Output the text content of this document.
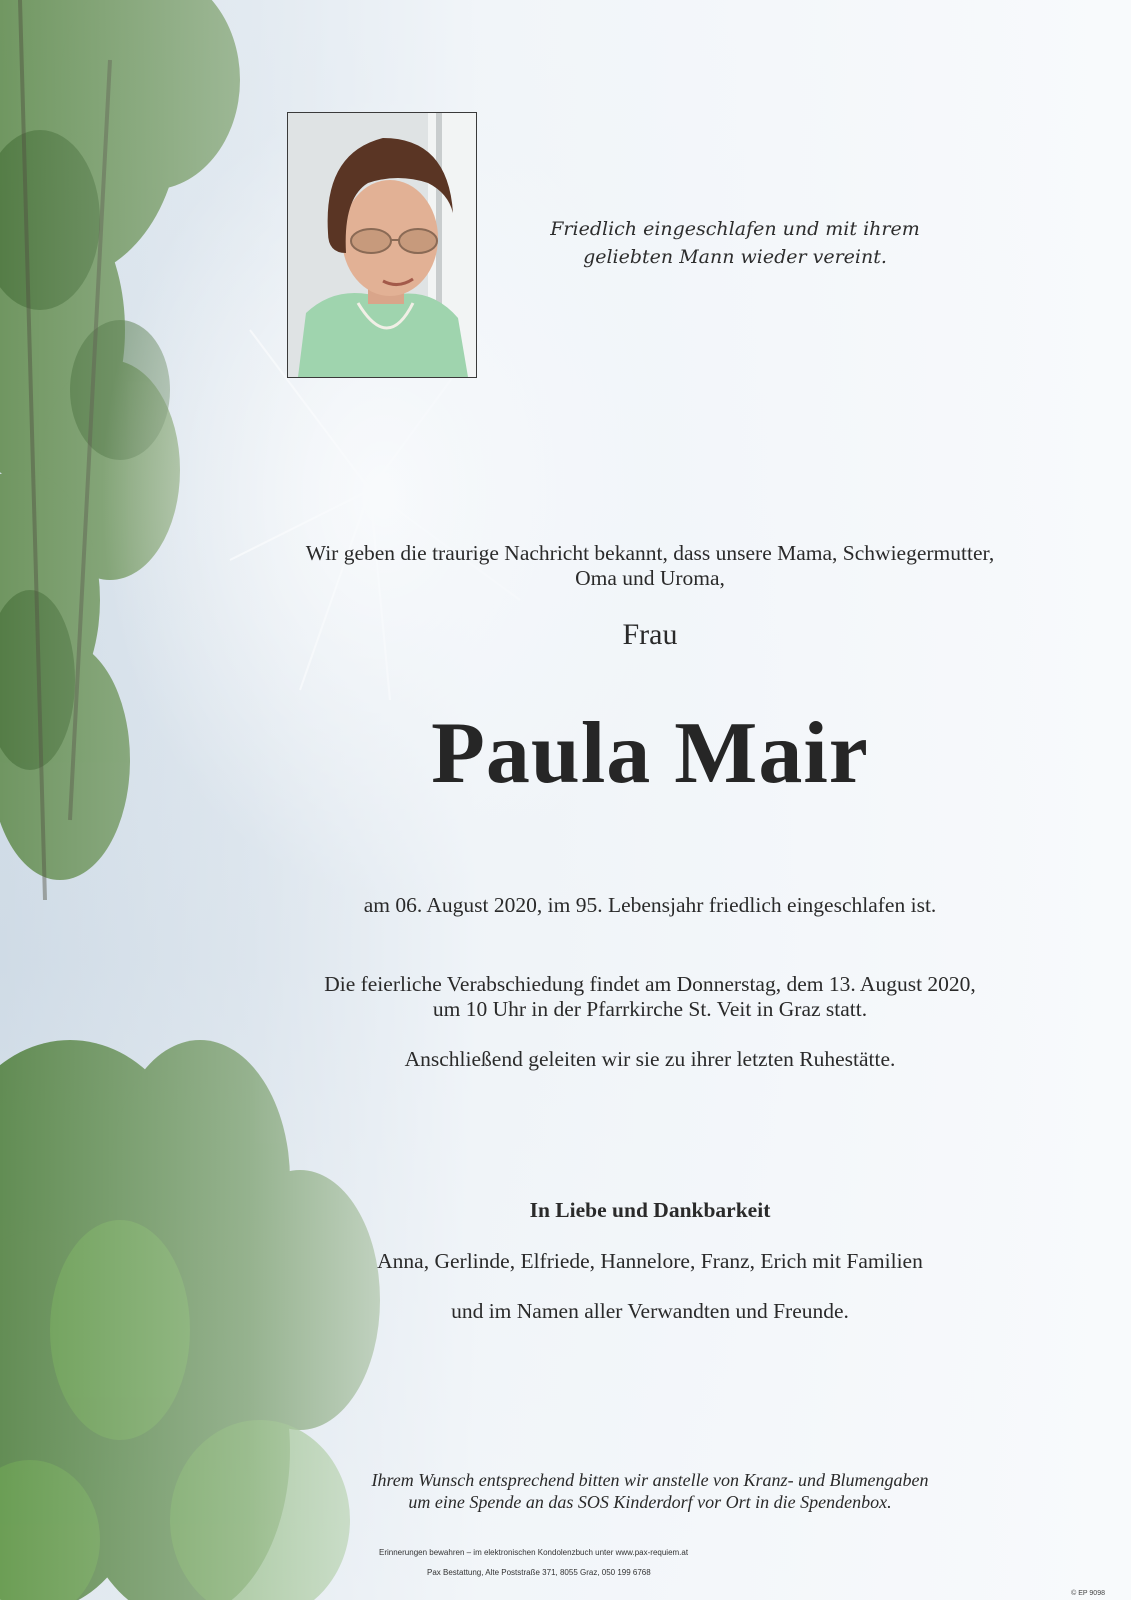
Friedlich eingeschlafen und mit ihrem
geliebten Mann wieder vereint.
Wir geben die traurige Nachricht bekannt, dass unsere Mama, Schwiegermutter,
Oma und Uroma,
Frau
Paula Mair
am 06. August 2020, im 95. Lebensjahr friedlich eingeschlafen ist.
Die feierliche Verabschiedung findet am Donnerstag, dem 13. August 2020,
um 10 Uhr in der Pfarrkirche St. Veit in Graz statt.
Anschließend geleiten wir sie zu ihrer letzten Ruhestätte.
In Liebe und Dankbarkeit
Anna, Gerlinde, Elfriede, Hannelore, Franz, Erich mit Familien
und im Namen aller Verwandten und Freunde.
Ihrem Wunsch entsprechend bitten wir anstelle von Kranz- und Blumengaben
um eine Spende an das SOS Kinderdorf vor Ort in die Spendenbox.
Erinnerungen bewahren – im elektronischen Kondolenzbuch unter www.pax-requiem.at
Pax Bestattung, Alte Poststraße 371, 8055 Graz, 050 199 6768
© EP 9098
